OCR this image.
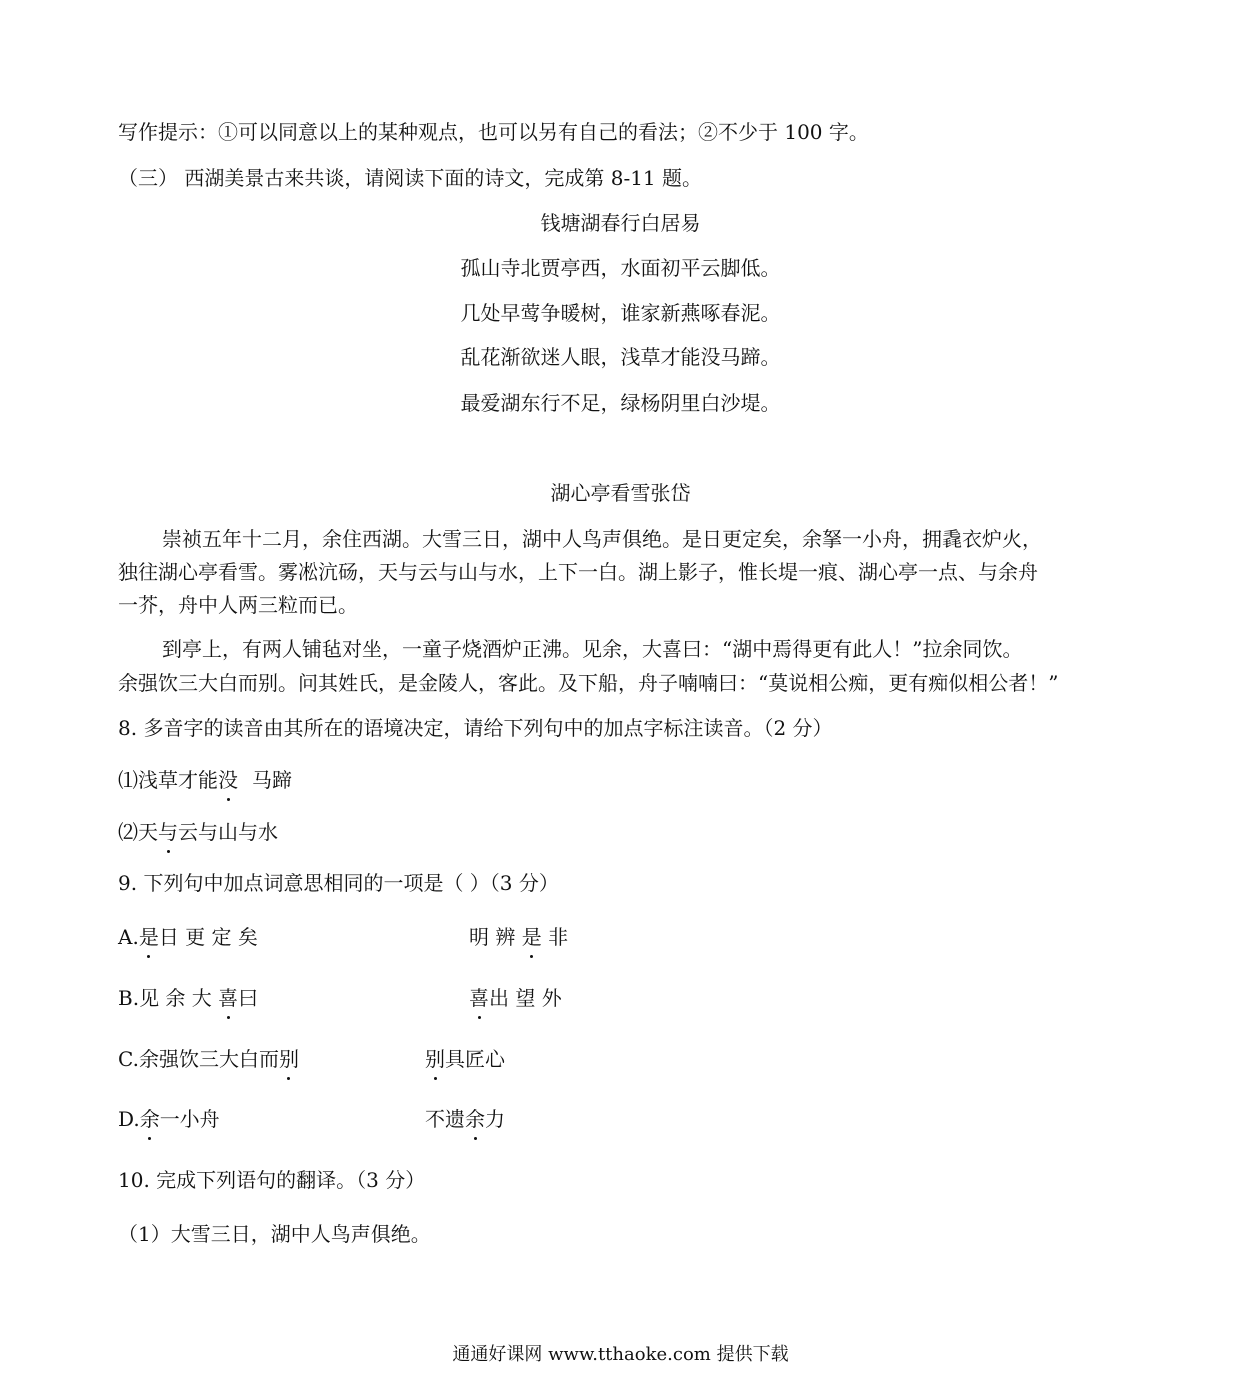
写作提示：①可以同意以上的某种观点，也可以另有自己的看法；②不少于 100 字。
（三） 西湖美景古来共谈，请阅读下面的诗文，完成第 8-11 题。
钱塘湖春行白居易
孤山寺北贾亭西，水面初平云脚低。
几处早莺争暖树，谁家新燕啄春泥。
乱花渐欲迷人眼，浅草才能没马蹄。
最爱湖东行不足，绿杨阴里白沙堤。
湖心亭看雪张岱
崇祯五年十二月，余住西湖。大雪三日，湖中人鸟声俱绝。是日更定矣，余拏一小舟，拥毳衣炉火，
独往湖心亭看雪。雾凇沆砀，天与云与山与水，上下一白。湖上影子，惟长堤一痕、湖心亭一点、与余舟
一芥，舟中人两三粒而已。
到亭上，有两人铺毡对坐，一童子烧酒炉正沸。见余，大喜曰：“湖中焉得更有此人！”拉余同饮。
余强饮三大白而别。问其姓氏，是金陵人，客此。及下船，舟子喃喃曰：“莫说相公痴，更有痴似相公者！”
8. 多音字的读音由其所在的语境决定，请给下列句中的加点字标注读音。（2 分）
⑴浅草才能没 马蹄
⑵天与云与山与水
9. 下列句中加点词意思相同的一项是（ ）（3 分）
A.是日 更 定 矣	明 辨 是 非
B.见 余 大 喜曰	喜出 望 外
C.余强饮三大白而别	别具匠心
D.余一小舟	不遗余力
10. 完成下列语句的翻译。（3 分）
（1）大雪三日，湖中人鸟声俱绝。
通通好课网 www.tthaoke.com 提供下载
